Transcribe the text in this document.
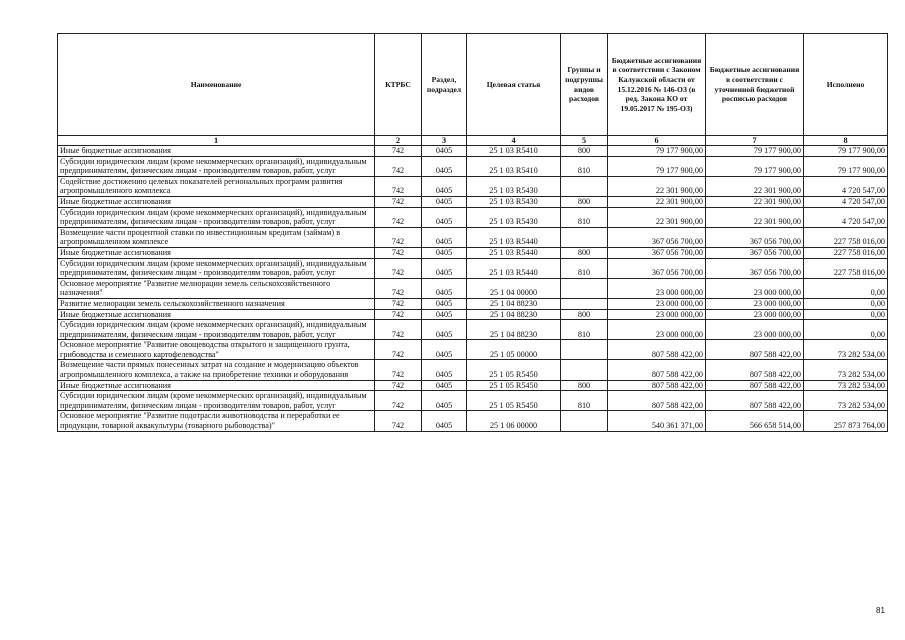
Наименование	КТРБС	Раздел, подраздел	Целевая статья	Группы и подгруппы видов расходов	Бюджетные ассигнования в соответствии с Законом Калужской области от 15.12.2016 № 146-ОЗ (в ред. Закона КО от 19.05.2017 № 195-ОЗ)	Бюджетные ассигнования в соответствии с уточненной бюджетной росписью расходов	Исполнено
1	2	3	4	5	6	7	8
Иные бюджетные ассигнования	742	0405	25 1 03 R5410	800	79 177 900,00	79 177 900,00	79 177 900,00
Субсидии юридическим лицам (кроме некоммерческих организаций), индивидуальным предпринимателям, физическим лицам - производителям товаров, работ, услуг	742	0405	25 1 03 R5410	810	79 177 900,00	79 177 900,00	79 177 900,00
Содействие достижению целевых показателей региональных программ развития агропромышленного комплекса	742	0405	25 1 03 R5430		22 301 900,00	22 301 900,00	4 720 547,00
Иные бюджетные ассигнования	742	0405	25 1 03 R5430	800	22 301 900,00	22 301 900,00	4 720 547,00
Субсидии юридическим лицам (кроме некоммерческих организаций), индивидуальным предпринимателям, физическим лицам - производителям товаров, работ, услуг	742	0405	25 1 03 R5430	810	22 301 900,00	22 301 900,00	4 720 547,00
Возмещение части процентной ставки по инвестиционным кредитам (займам) в агропромышленном комплексе	742	0405	25 1 03 R5440		367 056 700,00	367 056 700,00	227 758 016,00
Иные бюджетные ассигнования	742	0405	25 1 03 R5440	800	367 056 700,00	367 056 700,00	227 758 016,00
Субсидии юридическим лицам (кроме некоммерческих организаций), индивидуальным предпринимателям, физическим лицам - производителям товаров, работ, услуг	742	0405	25 1 03 R5440	810	367 056 700,00	367 056 700,00	227 758 016,00
Основное мероприятие "Развитие мелиорации земель сельскохозяйственного назначения"	742	0405	25 1 04 00000		23 000 000,00	23 000 000,00	0,00
Развитие мелиорации земель сельскохозяйственного назначения	742	0405	25 1 04 88230		23 000 000,00	23 000 000,00	0,00
Иные бюджетные ассигнования	742	0405	25 1 04 88230	800	23 000 000,00	23 000 000,00	0,00
Субсидии юридическим лицам (кроме некоммерческих организаций), индивидуальным предпринимателям, физическим лицам - производителям товаров, работ, услуг	742	0405	25 1 04 88230	810	23 000 000,00	23 000 000,00	0,00
Основное мероприятие "Развитие овощеводства открытого и защищенного грунта, грибоводства и семенного картофелеводства"	742	0405	25 1 05 00000		807 588 422,00	807 588 422,00	73 282 534,00
Возмещение части прямых понесенных затрат на создание и модернизацию объектов агропромышленного комплекса, а также на приобретение техники и оборудования	742	0405	25 1 05 R5450		807 588 422,00	807 588 422,00	73 282 534,00
Иные бюджетные ассигнования	742	0405	25 1 05 R5450	800	807 588 422,00	807 588 422,00	73 282 534,00
Субсидии юридическим лицам (кроме некоммерческих организаций), индивидуальным предпринимателям, физическим лицам - производителям товаров, работ, услуг	742	0405	25 1 05 R5450	810	807 588 422,00	807 588 422,00	73 282 534,00
Основное мероприятие "Развитие подотрасли животноводства и переработки ее продукции, товарной аквакультуры (товарного рыбоводства)"	742	0405	25 1 06 00000		540 361 371,00	566 658 514,00	257 873 764,00
81
